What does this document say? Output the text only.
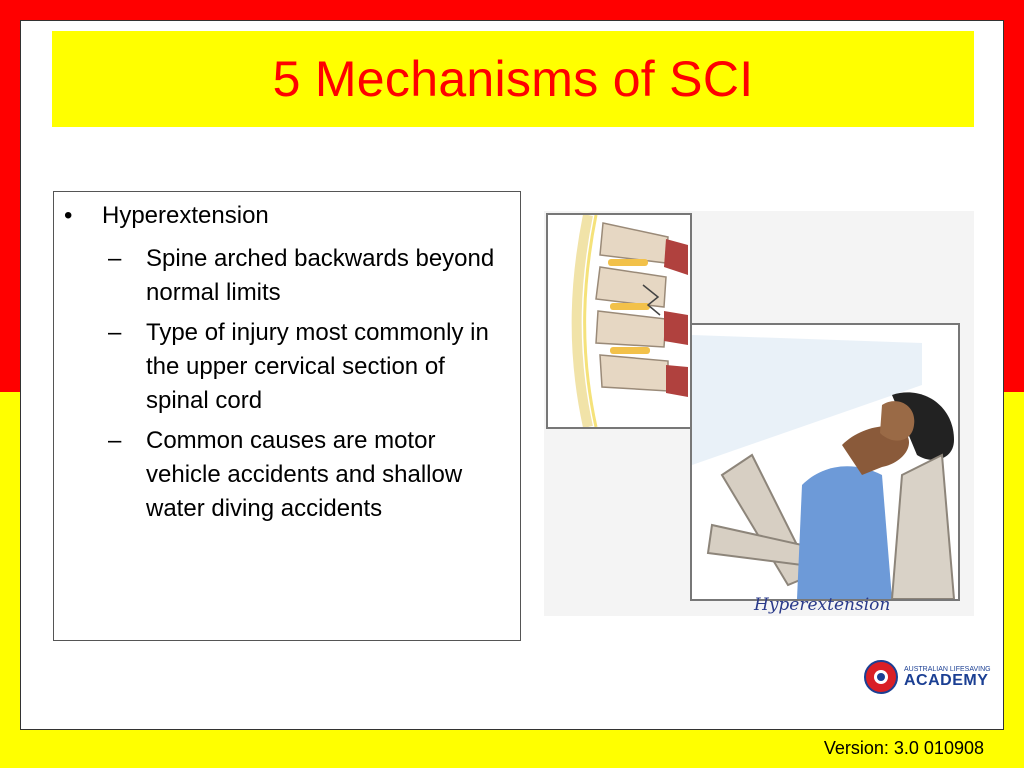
5 Mechanisms of SCI
•	Hyperextension
–	Spine arched backwards beyond normal limits
–	Type of injury most commonly in the upper cervical section of spinal cord
–	Common causes are motor vehicle accidents and shallow water diving accidents
Hyperextension
AUSTRALIAN LIFESAVING
ACADEMY
Version: 3.0 010908
